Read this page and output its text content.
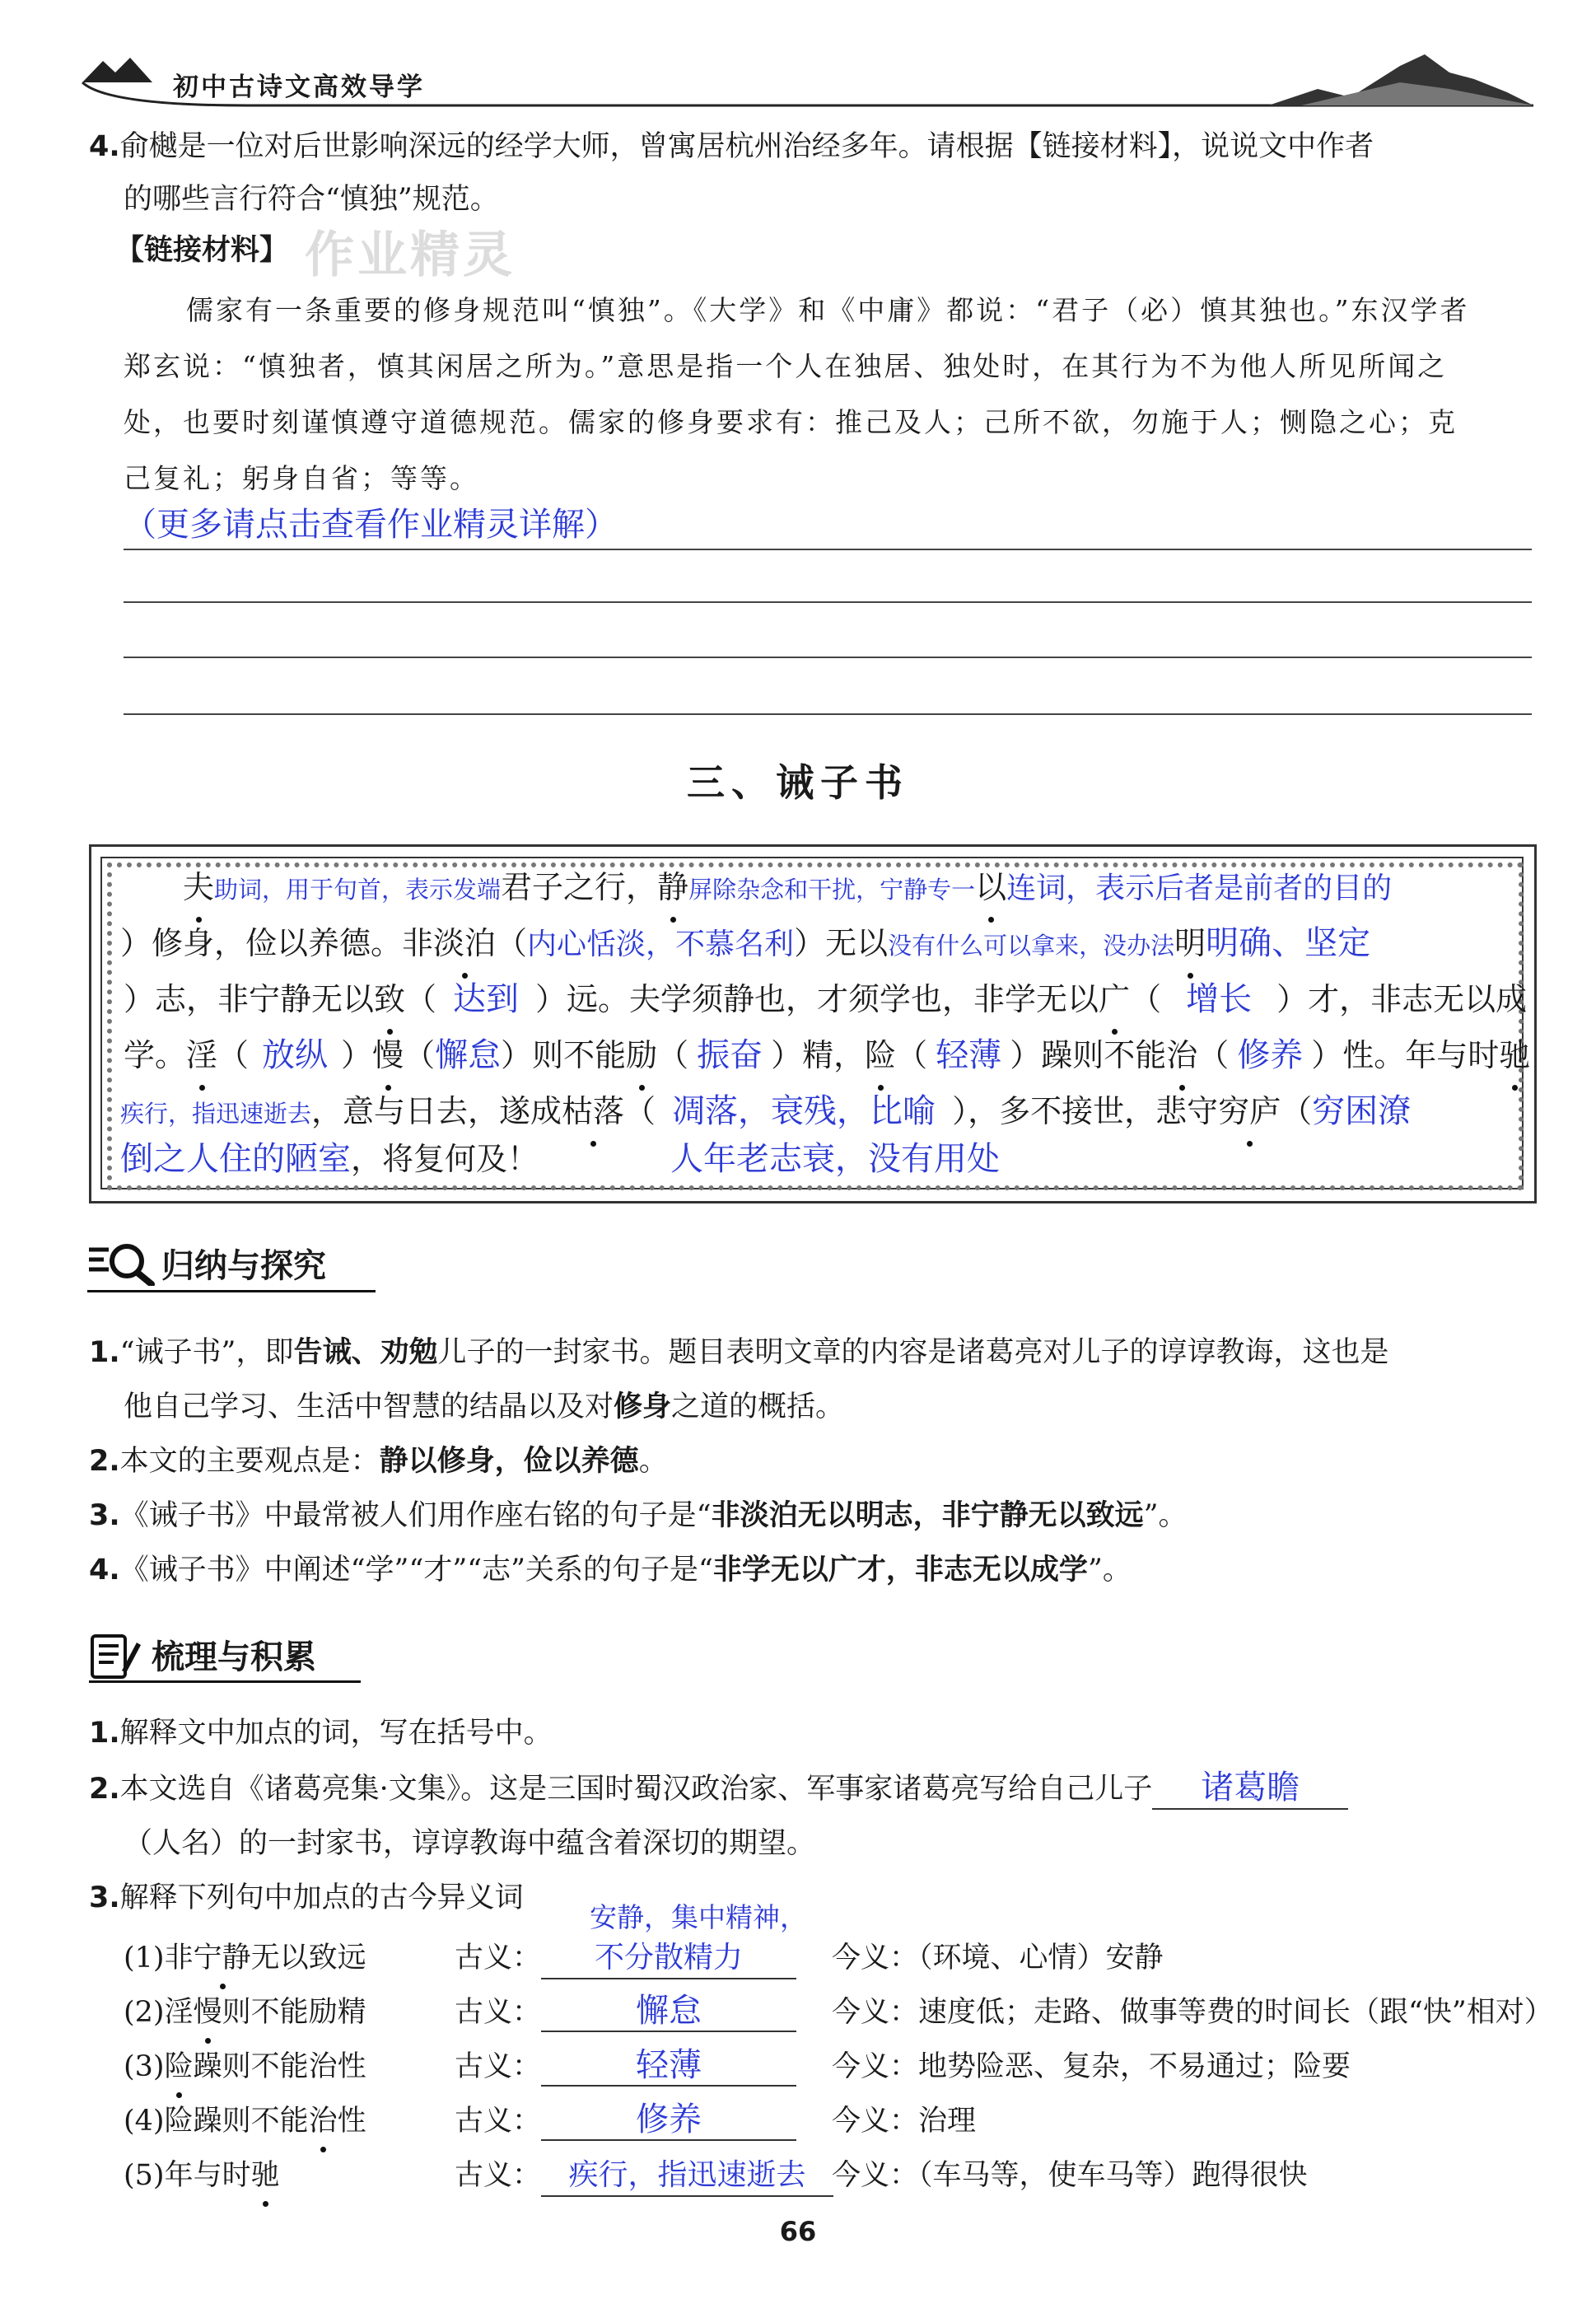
初中古诗文高效导学
4.俞樾是一位对后世影响深远的经学大师，曾寓居杭州治经多年。请根据【链接材料】，说说文中作者
的哪些言行符合“慎独”规范。
【链接材料】 作业精灵
儒家有一条重要的修身规范叫“慎独”。《大学》和《中庸》都说：“君子（必）慎其独也。”东汉学者
郑玄说：“慎独者，慎其闲居之所为。”意思是指一个人在独居、独处时，在其行为不为他人所见所闻之
处，也要时刻谨慎遵守道德规范。儒家的修身要求有：推己及人；己所不欲，勿施于人；恻隐之心；克
己复礼；躬身自省；等等。
（更多请点击查看作业精灵详解）
三、诫子书
夫助词，用于句首，表示发端君子之行，静屏除杂念和干扰，宁静专一以连词，表示后者是前者的目的
）修身，俭以养德。非淡泊（内心恬淡，不慕名利）无以没有什么可以拿来，没办法明明确、坚定
）志，非宁静无以致（ 达到 ）远。夫学须静也，才须学也，非学无以广（ 增长 ）才，非志无以成
学。淫（ 放纵 ）慢（懈怠）则不能励（ 振奋 ）精，险（ 轻薄 ）躁则不能治（ 修养 ）性。年与时驰
疾行，指迅速逝去，意与日去，遂成枯落（ 凋落，衰残，比喻 ），多不接世，悲守穷庐（穷困潦
倒之人住的陋室，将复何及！	人年老志衰，没有用处
归纳与探究
1.“诫子书”，即告诫、劝勉儿子的一封家书。题目表明文章的内容是诸葛亮对儿子的谆谆教诲，这也是
他自己学习、生活中智慧的结晶以及对修身之道的概括。
2.本文的主要观点是：静以修身，俭以养德。
3.《诫子书》中最常被人们用作座右铭的句子是“非淡泊无以明志，非宁静无以致远”。
4.《诫子书》中阐述“学”“才”“志”关系的句子是“非学无以广才，非志无以成学”。
梳理与积累
1.解释文中加点的词，写在括号中。
2.本文选自《诸葛亮集·文集》。这是三国时蜀汉政治家、军事家诸葛亮写给自己儿子 诸葛瞻
（人名）的一封家书，谆谆教诲中蕴含着深切的期望。
3.解释下列句中加点的古今异义词
安静，集中精神，
(1)非宁静无以致远	古义： 不分散精力	今义：（环境、心情）安静
(2)淫慢则不能励精	古义：	懈怠	今义：速度低；走路、做事等费的时间长（跟“快”相对）
(3)险躁则不能治性	古义：	轻薄	今义：地势险恶、复杂，不易通过；险要
(4)险躁则不能治性	古义：	修养	今义：治理
(5)年与时驰	古义： 疾行，指迅速逝去 今义：（车马等，使车马等）跑得很快
66
